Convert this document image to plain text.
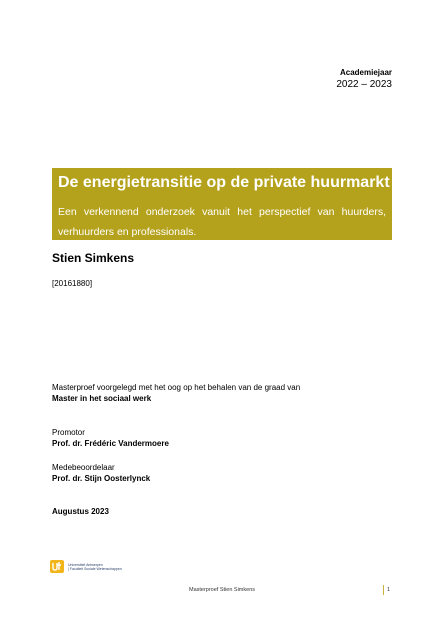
Academiejaar
2022 – 2023
De energietransitie op de private huurmarkt
Een verkennend onderzoek vanuit het perspectief van huurders, verhuurders en professionals.
Stien Simkens
[20161880]
Masterproef voorgelegd met het oog op het behalen van de graad van
Master in het sociaal werk
Promotor
Prof. dr. Frédéric Vandermoere
Medebeoordelaar
Prof. dr. Stijn Oosterlynck
Augustus 2023
Universiteit Antwerpen
| Faculteit Sociale Wetenschappen
Masterproef Stien Simkens	1
